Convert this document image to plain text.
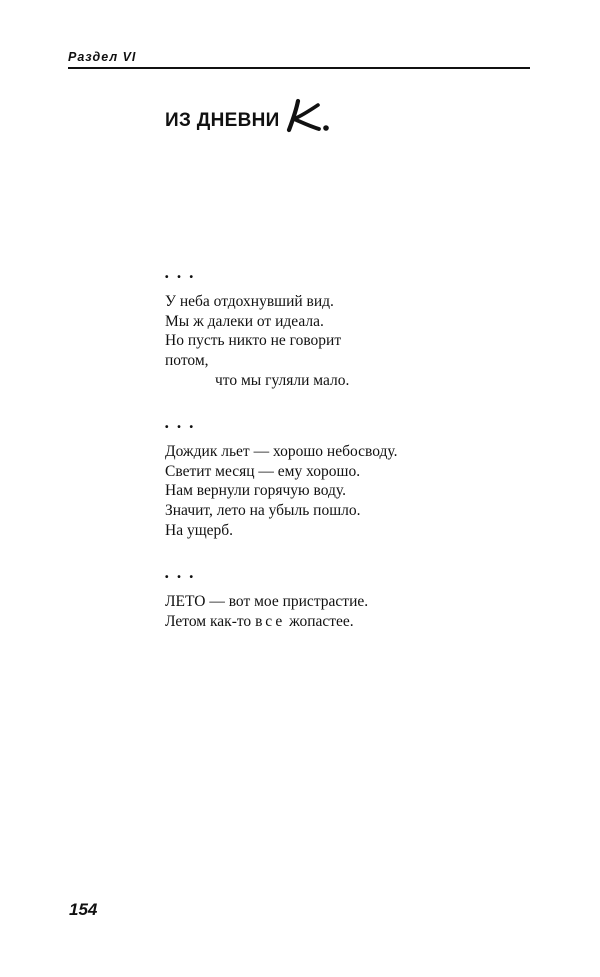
Раздел VI
ИЗ ДНЕВНИ
• • •
У неба отдохнувший вид.
Мы ж далеки от идеала.
Но пусть никто не говорит
потом,
что мы гуляли мало.
• • •
Дождик льет — хорошо небосводу.
Светит месяц — ему хорошо.
Нам вернули горячую воду.
Значит, лето на убыль пошло.
На ущерб.
• • •
ЛЕТО — вот мое пристрастие.
Летом как-то все жопастее.
154
